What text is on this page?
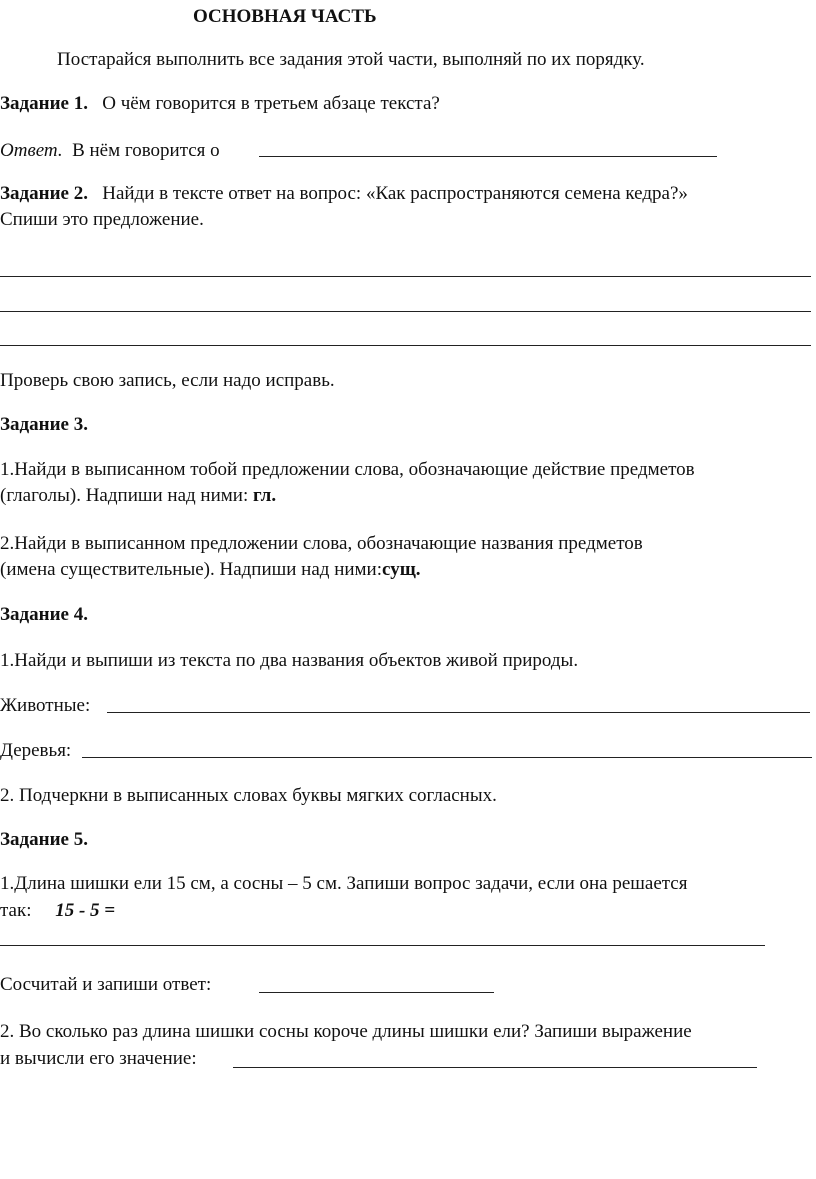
ОСНОВНАЯ ЧАСТЬ
Постарайся выполнить все задания этой части, выполняй по их порядку.
Задание 1. О чём говорится в третьем абзаце текста?
Ответ. В нём говорится о
Задание 2. Найди в тексте ответ на вопрос: «Как распространяются семена кедра?»
Спиши это предложение.
Проверь свою запись, если надо исправь.
Задание 3.
1.Найди в выписанном тобой предложении слова, обозначающие действие предметов
(глаголы). Надпиши над ними: гл.
2.Найди в выписанном предложении слова, обозначающие названия предметов
(имена существительные). Надпиши над ними:сущ.
Задание 4.
1.Найди и выпиши из текста по два названия объектов живой природы.
Животные:
Деревья:
2. Подчеркни в выписанных словах буквы мягких согласных.
Задание 5.
1.Длина шишки ели 15 см, а сосны – 5 см. Запиши вопрос задачи, если она решается
так: 15 - 5 =
Сосчитай и запиши ответ:
2. Во сколько раз длина шишки сосны короче длины шишки ели? Запиши выражение
и вычисли его значение:
